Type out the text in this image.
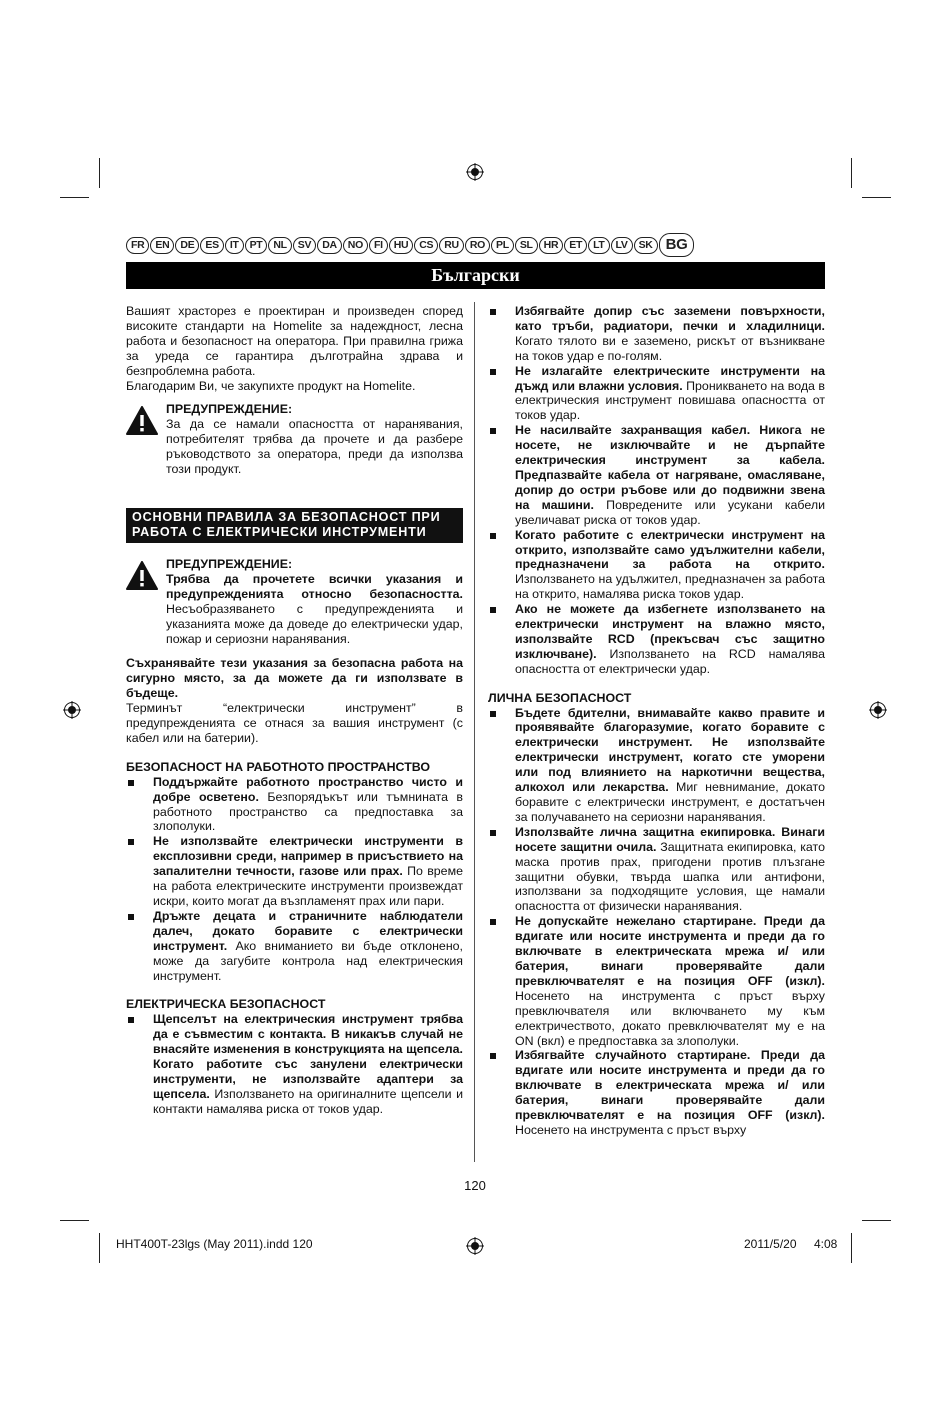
FR	EN	DE	ES	IT	PT	NL	SV	DA	NO	FI	HU	CS	RU	RO	PL	SL	HR	ET	LT	LV	SK BG
Български

Вашият храсторез е проектиран и произведен според високите стандарти на Homelite за надеждност, лесна работа и безопасност на оператора. При правилна грижа за уреда се гарантира дълготрайна здрава и безпроблемна работа.

Благодарим Ви, че закупихте продукт на Homelite.

ПРЕДУПРЕЖДЕНИЕ:

За да се намали опасността от наранявания, потребителят трябва да прочете и да разбере ръководството за оператора, преди да използва този продукт.

ОСНОВНИ ПРАВИЛА ЗА БЕЗОПАСНОСТ ПРИ РАБОТА С ЕЛЕКТРИЧЕСКИ ИНСТРУМЕНТИ

ПРЕДУПРЕЖДЕНИЕ:

Трябва да прочетете всички указания и предупрежденията относно безопасността. Несъобразяването с предупрежденията и указанията може да доведе до електрически удар, пожар и сериозни наранявания.

Съхранявайте тези указания за безопасна работа на сигурно място, за да можете да ги използвате в бъдеще.

Терминът “електрически инструмент” в предупрежденията се отнася за вашия инструмент (с кабел или на батерии).

БЕЗОПАСНОСТ НА РАБОТНОТО ПРОСТРАНСТВО

Поддържайте работното пространство чисто и добре осветено. Безпорядъкът или тъмнината в работното пространство са предпоставка за злополуки.
Не използвайте електрически инструменти в експлозивни среди, например в присъствието на запалителни течности, газове или прах. По време на работа електрическите инструменти произвеждат искри, които могат да възпламенят прах или пари.
Дръжте децата и страничните наблюдатели далеч, докато боравите с електрически инструмент. Ако вниманието ви бъде отклонено, може да загубите контрола над електрическия инструмент.

ЕЛЕКТРИЧЕСКА БЕЗОПАСНОСТ

Щепселът на електрическия инструмент трябва да е съвместим с контакта. В никакъв случай не внасяйте изменения в конструкцията на щепсела. Когато работите със занулени електрически инструменти, не използвайте адаптери за щепсела. Използването на оригиналните щепсели и контакти намалява риска от токов удар.
Избягвайте допир със заземени повърхности, като тръби, радиатори, печки и хладилници. Когато тялото ви е заземено, рискът от възникване на токов удар е по-голям.
Не излагайте електрическите инструменти на дъжд или влажни условия. Проникването на вода в електрическия инструмент повишава опасността от токов удар.
Не насилвайте захранващия кабел. Никога не носете, не изключвайте и не дърпайте електрическия инструмент за кабела. Предпазвайте кабела от нагряване, омасляване, допир до остри ръбове или до подвижни звена на машини. Повредените или усукани кабели увеличават риска от токов удар.
Когато работите с електрически инструмент на открито, използвайте само удължителни кабели, предназначени за работа на открито. Използването на удължител, предназначен за работа на открито, намалява риска токов удар.
Ако не можете да избегнете използването на електрически инструмент на влажно място, използвайте RCD (прекъсвач със защитно изключване). Използването на RCD намалява опасността от електрически удар.

ЛИЧНА БЕЗОПАСНОСТ

Бъдете бдителни, внимавайте какво правите и проявявайте благоразумие, когато боравите с електрически инструмент. Не използвайте електрически инструмент, когато сте уморени или под влиянието на наркотични вещества, алкохол или лекарства. Миг невнимание, докато боравите с електрически инструмент, е достатъчен за получаването на сериозни наранявания.
Използвайте лична защитна екипировка. Винаги носете защитни очила. Защитната екипировка, като маска против прах, пригодени против плъзгане защитни обувки, твърда шапка или антифони, използвани за подходящите условия, ще намали опасността от физически наранявания.
Не допускайте нежелано стартиране. Преди да вдигате или носите инструмента и преди да го включвате в електрическата мрежа и/ или батерия, винаги проверявайте дали превключвателят е на позиция OFF (изкл). Носенето на инструмента с пръст върху превключвателя или включването му към електричеството, докато превключвателят му е на ON (вкл) е предпоставка за злополуки.
Избягвайте случайното стартиране. Преди да вдигате или носите инструмента и преди да го включвате в електрическата мрежа и/ или батерия, винаги проверявайте дали превключвателят е на позиция OFF (изкл). Носенето на инструмента с пръст върху
120
HHT400T-23lgs (May 2011).indd 120	2011/5/20 4:08
